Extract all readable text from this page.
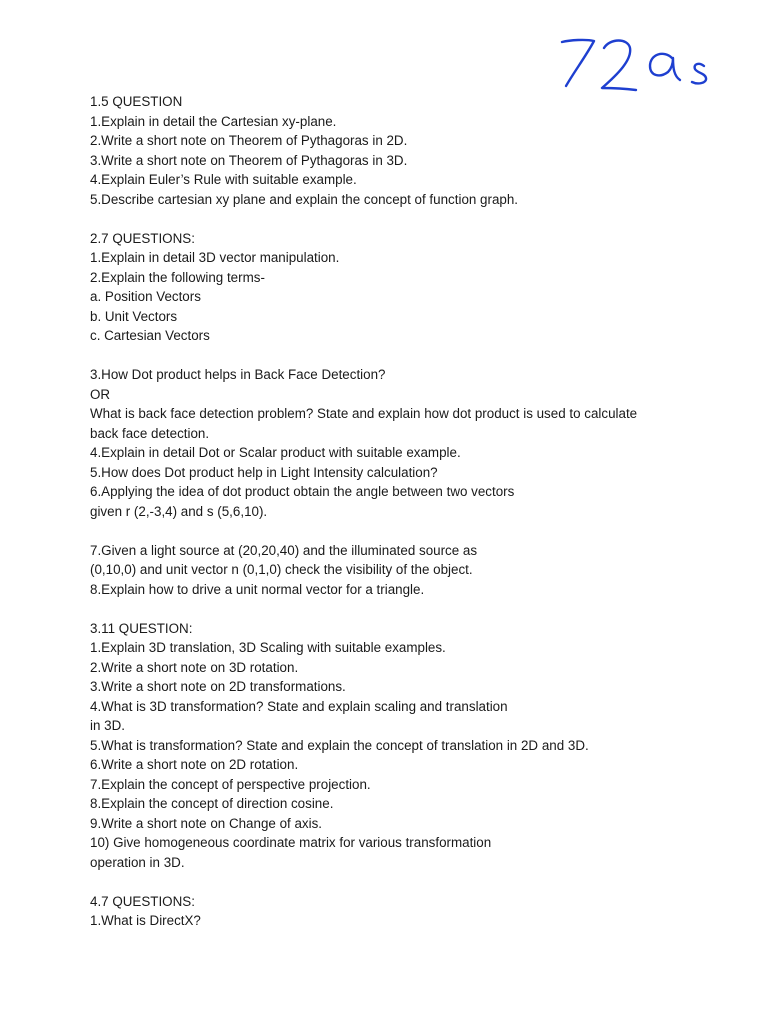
1.5 QUESTION
1.Explain in detail the Cartesian xy-plane.
2.Write a short note on Theorem of Pythagoras in 2D.
3.Write a short note on Theorem of Pythagoras in 3D.
4.Explain Euler’s Rule with suitable example.
5.Describe cartesian xy plane and explain the concept of function graph.
2.7 QUESTIONS:
1.Explain in detail 3D vector manipulation.
2.Explain the following terms-
a. Position Vectors
b. Unit Vectors
c. Cartesian Vectors
3.How Dot product helps in Back Face Detection?
OR
What is back face detection problem? State and explain how dot product is used to calculate
back face detection.
4.Explain in detail Dot or Scalar product with suitable example.
5.How does Dot product help in Light Intensity calculation?
6.Applying the idea of dot product obtain the angle between two vectors
given r (2,-3,4) and s (5,6,10).
7.Given a light source at (20,20,40) and the illuminated source as
(0,10,0) and unit vector n (0,1,0) check the visibility of the object.
8.Explain how to drive a unit normal vector for a triangle.
3.11 QUESTION:
1.Explain 3D translation, 3D Scaling with suitable examples.
2.Write a short note on 3D rotation.
3.Write a short note on 2D transformations.
4.What is 3D transformation? State and explain scaling and translation
in 3D.
5.What is transformation? State and explain the concept of translation in 2D and 3D.
6.Write a short note on 2D rotation.
7.Explain the concept of perspective projection.
8.Explain the concept of direction cosine.
9.Write a short note on Change of axis.
10) Give homogeneous coordinate matrix for various transformation
operation in 3D.
4.7 QUESTIONS:
1.What is DirectX?
